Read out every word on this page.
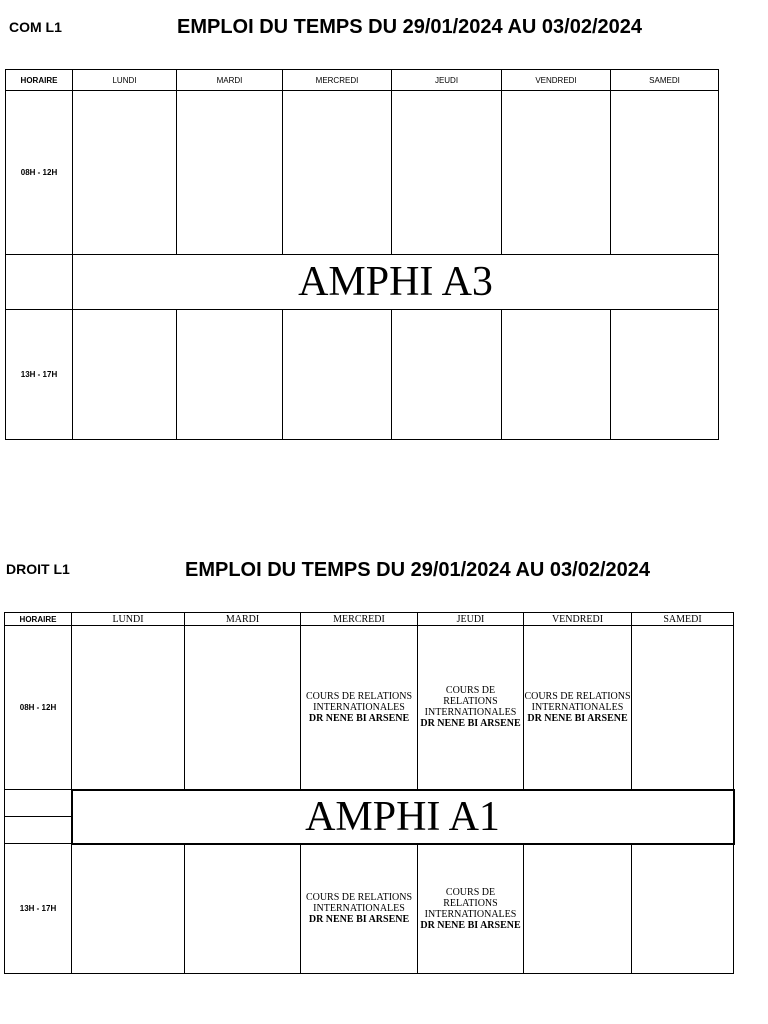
COM L1	EMPLOI DU TEMPS DU 29/01/2024 AU 03/02/2024
HORAIRE	LUNDI	MARDI	MERCREDI	JEUDI	VENDREDI	SAMEDI
08H - 12H						
	AMPHI A3					
13H - 17H						
DROIT L1	EMPLOI DU TEMPS DU 29/01/2024 AU 03/02/2024
HORAIRE	LUNDI	MARDI	MERCREDI	JEUDI	VENDREDI	SAMEDI
08H - 12H			COURS DE RELATIONS INTERNATIONALES
DR NENE BI ARSENE	COURS DE RELATIONS INTERNATIONALES
DR NENE BI ARSENE	COURS DE RELATIONS INTERNATIONALES
DR NENE BI ARSENE	

	AMPHI A1					

13H - 17H			COURS DE RELATIONS INTERNATIONALES
DR NENE BI ARSENE	COURS DE RELATIONS INTERNATIONALES
DR NENE BI ARSENE		
